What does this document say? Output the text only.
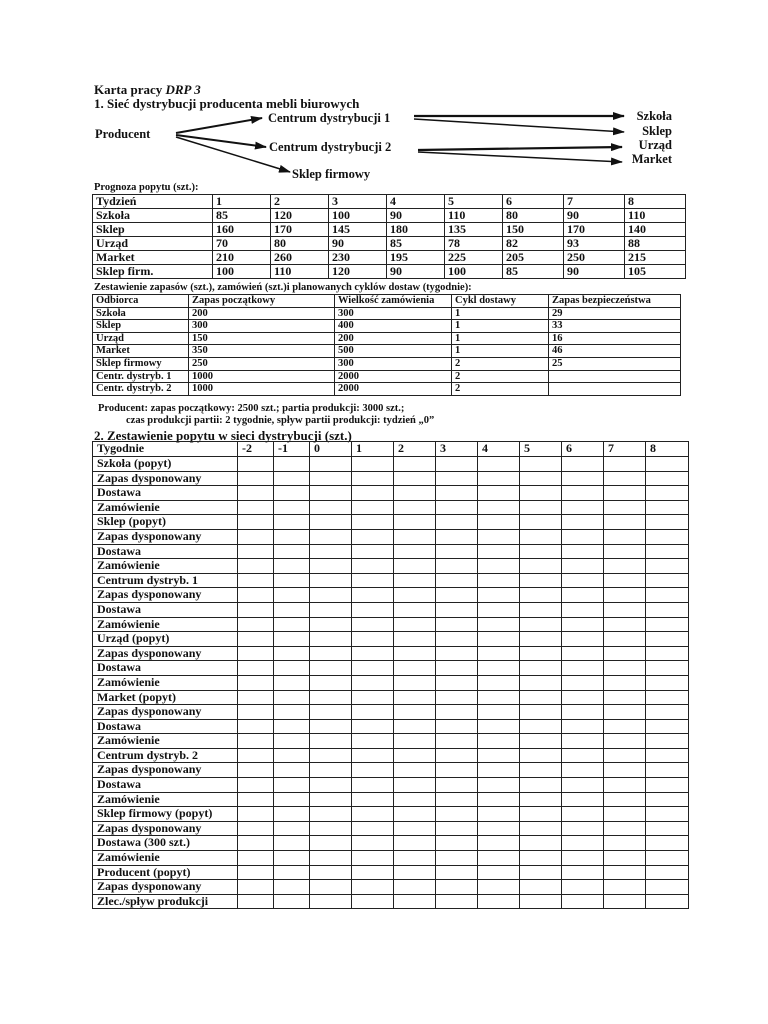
Karta pracy DRP 3
1. Sieć dystrybucji producenta mebli biurowych
Producent
Centrum dystrybucji 1
Centrum dystrybucji 2
Sklep firmowy
Szkoła
Sklep
Urząd
Market
Prognoza popytu (szt.):
Tydzień	1	2	3	4	5	6	7	8
Szkoła	85	120	100	90	110	80	90	110
Sklep	160	170	145	180	135	150	170	140
Urząd	70	80	90	85	78	82	93	88
Market	210	260	230	195	225	205	250	215
Sklep firm.	100	110	120	90	100	85	90	105
Zestawienie zapasów (szt.), zamówień (szt.)i planowanych cyklów dostaw (tygodnie):
Odbiorca	Zapas początkowy	Wielkość zamówienia	Cykl dostawy	Zapas bezpieczeństwa
Szkoła	200	300	1	29
Sklep	300	400	1	33
Urząd	150	200	1	16
Market	350	500	1	46
Sklep firmowy	250	300	2	25
Centr. dystryb. 1	1000	2000	2	
Centr. dystryb. 2	1000	2000	2	
Producent: zapas początkowy: 2500 szt.; partia produkcji: 3000 szt.;
czas produkcji partii: 2 tygodnie, spływ partii produkcji: tydzień „0”
2. Zestawienie popytu w sieci dystrybucji (szt.)
Tygodnie	-2	-1	0	1	2	3	4	5	6	7	8
Szkoła (popyt)											
Zapas dysponowany											
Dostawa											
Zamówienie											
Sklep (popyt)											
Zapas dysponowany											
Dostawa											
Zamówienie											
Centrum dystryb. 1											
Zapas dysponowany											
Dostawa											
Zamówienie											
Urząd (popyt)											
Zapas dysponowany											
Dostawa											
Zamówienie											
Market (popyt)											
Zapas dysponowany											
Dostawa											
Zamówienie											
Centrum dystryb. 2											
Zapas dysponowany											
Dostawa											
Zamówienie											
Sklep firmowy (popyt)											
Zapas dysponowany											
Dostawa (300 szt.)											
Zamówienie											
Producent (popyt)											
Zapas dysponowany											
Zlec./spływ produkcji											
